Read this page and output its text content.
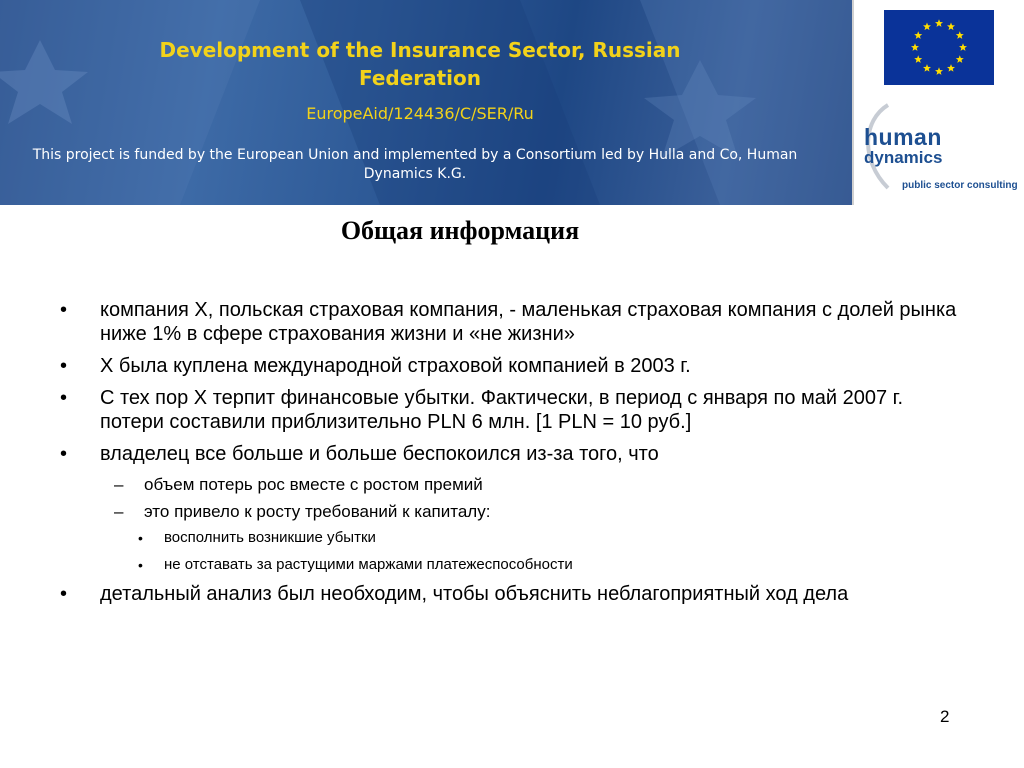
Development of the Insurance Sector, Russian Federation
EuropeAid/124436/C/SER/Ru
This project is funded by the European Union and implemented by a Consortium led by Hulla and Co, Human Dynamics K.G.
human
dynamics
public sector consulting
Общая информация
• компания X, польская страховая компания, - маленькая страховая компания с долей рынка ниже 1% в сфере страхования жизни и «не жизни»
• X была куплена международной страховой компанией в 2003 г.
• С тех пор X терпит финансовые убытки. Фактически, в период с января по май 2007 г. потери составили приблизительно PLN 6 млн. [1 PLN = 10 руб.]
• владелец все больше и больше беспокоился из-за того, что
– объем потерь рос вместе с ростом премий
– это привело к росту требований к капиталу:
• восполнить возникшие убытки
• не отставать за растущими маржами платежеспособности
• детальный анализ был необходим, чтобы объяснить неблагоприятный ход дела
2
